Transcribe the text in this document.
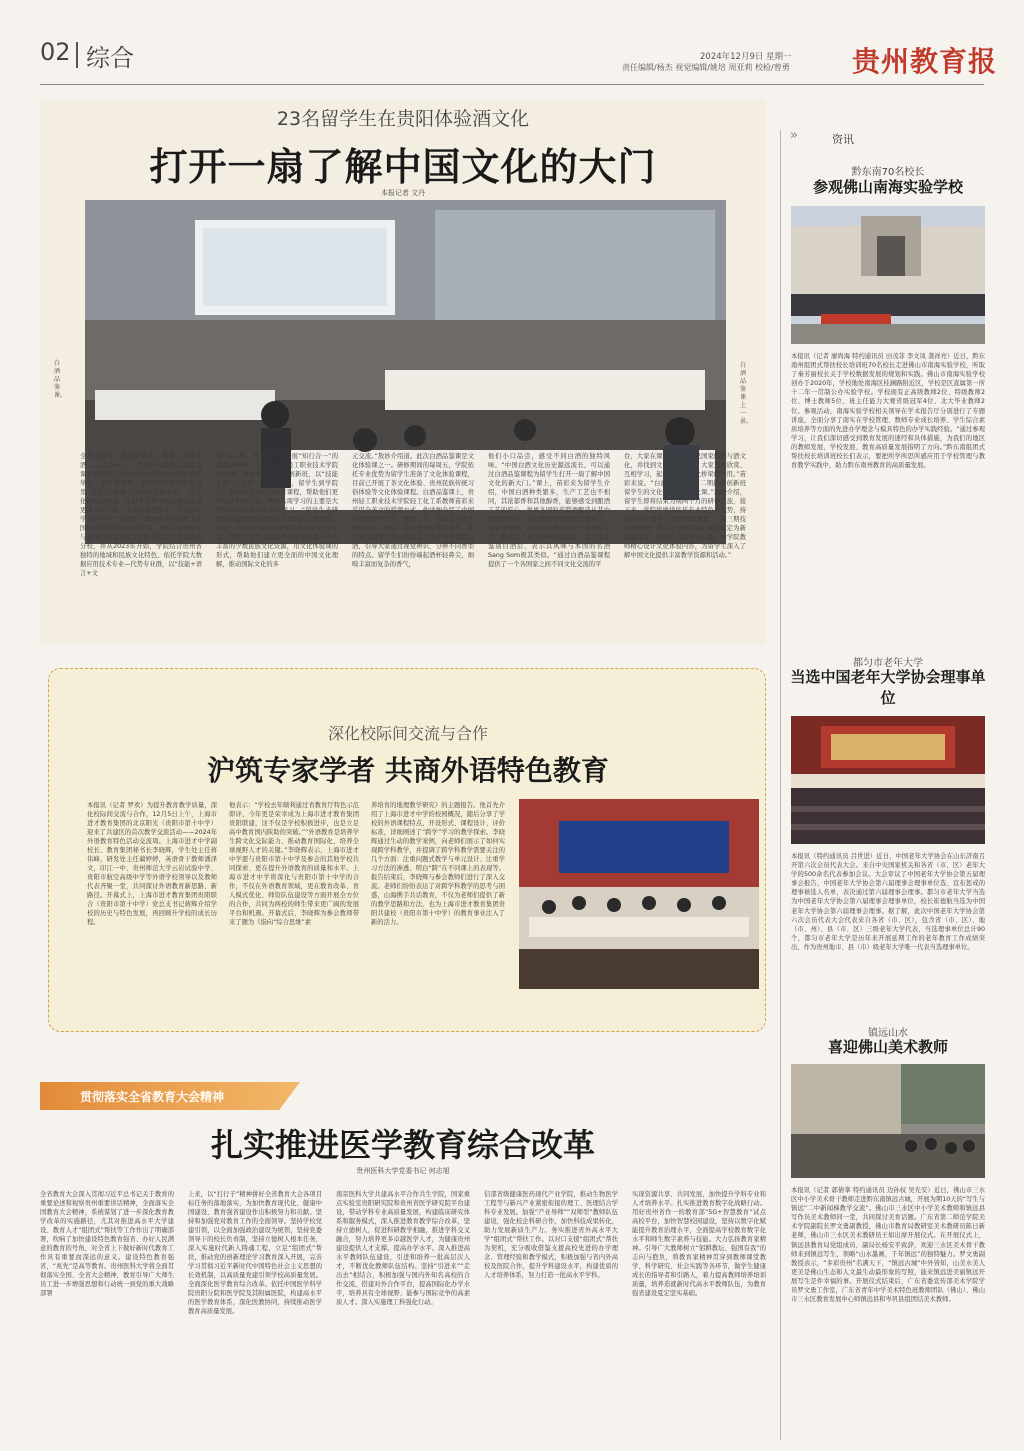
02 综合	2024年12月9日 星期一
责任编辑/杨杰 视觉编辑/姚培 周亚莉 校检/曾勇 贵州教育报
23名留学生在贵阳体验酒文化
打开一扇了解中国文化的大门
本报记者 文丹
白酒品鉴课。
白酒品鉴课上一景。
全英文授课、浓郁的酒香、课堂上品鉴美酒……12月6日，一堂别开生面的白酒品鉴课在贵州轻工职业技术学院行政楼107教室举行，来自柬埔寨、泰国23名留学生在这里“沉浸式”体验了中国的白酒文化。“以文化体验的形式，让留学生对中国白酒文化有更深入的了解，也为大家提供了一个交流和学习的平台。”贵州轻工职业技术学院杯卡托国际学院副院长敖妙介绍，学院于2022年与泰国兰纳皇家理工学院共建经世学堂海外分校，并从2023年开始，学院结合贵州省独特的地域和民族文化特色，依托学院大数据应用技术专业—代势专业群，以“技能+语言+文
化”为主线，面向留学生开展“知行合一”的湖南式研修。今年，贵州轻工职业技术学院开展第二期援外研修技能创新班，以“技能+语言+文化”为研修主线，留学生到学院后，前两周学习的是语言课程，帮助他们更快适应研修生活。剩余六周学习的主要是大数据应用技术专业知识学习。“留学生来研修的技能课程也是他们在本国的主修课程，同时，开设的文化体验课是我们依托茶文化、白酒文化等丰富的中国文化资源与贵州丰富的少数民族文化资源，用文化体验课的形式，帮助他们建立更全面的中国文化理解，推动国际文化的多
元交流。”敖妙介绍道。此次白酒品鉴课是文化体验课之一。研修期间的每周五，学院依托专业优势为留学生准备了文化体验课程，目前已开展了茶文化体验、贵州民族传统习俗体验等文化体验课程。白酒品鉴课上，贵州轻工职业技术学院轻工化工系教师苗彩来采用全英文的授课方式，他详细介绍了中国白酒的历史文化、酿造工艺、品鉴技巧等方面的知识。随后，在白酒香型鉴别环节，苗彩来为留学生精心挑选了八款不同香型的白酒，引导大家通过视觉辨识、分辨不同香型的特点。留学生们纷纷端起酒杯轻鼻尖，细嗅丰富而复杂的香气，
他们小口品尝，感受不同白酒的独特风味。“中国白酒文化历史源远流长，可以通过白酒品鉴课程为留学生打开一扇了解中国文化的新大门。”课上，苗彩来为留学生介绍，中国白酒种类繁多，生产工艺也不相同，其浓郁香和其他醇香，能够感受到酿酒工艺的匠心，世界各国的蒸馏酒酿造从其中找到共鸣点。在白酒香型鉴别的实操环节，苗彩来导师，通过观察酒的色泽与该香型白酒，都是以大米为原料的蒸馏酒，留学生在鉴别白酒后，表示其风味与本国的名酒Sang Som极其类似。“通过白酒品鉴课程提供了一个各国家之间不同文化交流的平
台，大家在课程中分享自己国家的酒与酒文化，并找到文化的共通点，大家互相欣赏、互相学习，起到了搭建文化桥梁的作用。”苗彩来说。“白酒品鉴课是第二期技能创新班留学生的文化体验课收官之课。”敖妙介绍，留学生即将结束为期两个月的研修之旅，接下来，学院将继续依托专业特色与优势，持续面向东盟学生开展研修课程。“第三期技能创新班，我们计划将‘技能’课程暂定为新能源课程，同时结合留学生兴趣，为学院教师精心设计文化体验内容，为留学生深入了解中国文化提供丰富教学资源和活动。”
深化校际间交流与合作
沪筑专家学者 共商外语特色教育
本报讯（记者 罗欢）为提升教育教学质量，深化校际间交流与合作，12月5日上午，上海市进才教育集团的北京阳光（贵阳市第十中学）迎来了共建区的首次教学交流活动——2024年外语教育特色活动交流周。上海市进才中学副校长、教育集团秘书长李晓辉，学生处主任蒋伟峰，研发处主任蔺婷婷，英语骨干教师潘泽文，印江一中、贵州师范大学云岩试验中学、贵阳市航空高级中学等外语学校领导以及教师代表齐聚一堂，共同探讨外语教育新思路、新路径。开幕式上，上海市进才教育集团贵阳联合（贵阳市第十中学）党总支书记蒋辉介绍学校的历史与特色发展，再回顾升学校的成长历程。
他表示：“学校去年顺利通过省教育厅特色示范即评，今年更是荣幸成为上海市进才教育集团贵阳联建，这不仅是学校积极进步，也是立足高中教育国内陕助的突破。”“外语教育是培养学生跨文化交际能力、推动教育国际化、培养全球视野人才的关键。”李晓辉表示，上海市进才中学愿与贵阳市第十中学及参会的其他学校共同探索、更在提升外语教育的质量和水平。上海市进才中学将深化与贵阳市第十中学的合作，不仅在外语教育领域，更在教育改革、育人模式优化、师资队伍建设等方面开展全方位的合作，共同为两校的师生带来更广阔的发展平台和机遇。开幕式后，李晓辉为参会教师带来了题为《指向“综合思维”素
养培育的地理教学研究》的主题报告。他首先介绍了上海市进才中学的校园概况，随后分享了学校的外语课程特点、开设形式、课程设计、评价标准，详细阐述了“跨学”学习的教学探索。李晓辉通过生动的教学案例，向老师们展示了如何实现跨学科教学，并提调了跨学科教学需要关注的几个方面：注重问题式教学与单元设计、注重学习方法的渗透、明白“跨”在不同课上的表现等。报告结束后，李晓辉与参会教师们进行了深入交流。老师们纷纷表达了对跨学科教学的思考与困惑，山海携手共话教育，不仅为老师们提供了新的教学思路和方法，也为上海市进才教育集团贵阳共建校（贵阳市第十中学）的教育事业注入了新的活力。
贯彻落实全省教育大会精神
扎实推进医学教育综合改革
贵州医科大学党委书记 何志旭
全省教育大会深入贯彻习近平总书记关于教育的重要论述和视察贵州重要讲话精神，全面落实全国教育大会精神，系统谋划了进一步深化教育教学改革的实施路径，尤其对推进高水平大学建设、教育人才“组团式”帮扶等工作作出了明确部署，吹响了加快建设特色教育强省、办好人民满意的教育的号角，对全省上下做好新时代教育工作具有重要而深远的意义。建设特色教育强省，“兆先”是高等教育。贵州医科大学将全面贯彻落实全国、全省大会精神，教育引导广大师生员工进一步增强思想和行动统一到党的重大战略部署
上来，以“打行子”精神拼好全省教育大会各项目标任务的落地落实，为加快教育现代化、健康中国建设、教育强省建设作出积极努力和贡献。坚持和加强党对教育工作的全面领导。坚持学校党建引领，以全面加强政治建设为统领，坚持党委领导下的校长负责制，坚持立德树人根本任务，深入实施时代新人铸魂工程，立足“组团式”帮扶，推动党的创新理论学习教育深入开展，完善学习贯彻习近平新时代中国特色社会主义思想的长效机制，以高质量党建引领学校高质量发展。全面深化医学教育综合改革。依托中国医学科学院贵阳分院和医学院及其附属医院，构建高水平的医学教育体系，深化医教协同，持续推动医学教育高质量发展。
南京医科大学共建高水平合作共生学院，国家重点实验室贵阳研究院和贵州省医学研究院平台建设，带动学科专业高质量发展，构建临床研究体系和服务模式，深入推进教育教学综合改革，坚持立德树人，促进科研教学相融，推进学科交叉融合，努力培养更多卓越医学人才，为健康贵州建设提供人才支撑。提高办学水平。深入推进高水平教师队伍建设，引进和培养一批高层次人才，不断优化教师队伍结构。坚持“引进来”“走出去”相结合，积极加强与国内外知名高校的合作交流，搭建对外合作平台，提高国际化办学水平，培养具有全球视野、能参与国际竞争的高素质人才。深入实施理工科强化行动。
信部省级健康医药现代产业学院，推动生物医学工程等与新兴产业紧密衔接的理工、医理结合学科专业发展。加强“产业导师”“双师型”教师队伍建设，强化校企科研合作，加快科技成果转化，助力发展新质生产力。务实推进省外高水平大学“组团式”帮扶工作。以对口支援“组团式”帮扶为契机，充分吸收借鉴支援高校先进的办学理念、管理经验和教学模式，积极加强与省内外高校及医院合作，提升学科建设水平，构建优质的人才培养体系，努力打造一批高水平学科。
实现资源共享、共同发展，加快提升学科专业和人才培养水平。扎实推进教育数字化战略行动。用好贵州省作一的教育部“5G+智慧教育”试点高校平台，加快智慧校园建设，坚持以数字化赋能提升教育治理水平，全面提高学校教育数字化水平和师生数字素养与技能。大力弘扬教育家精神。引导广大教师树立“躬耕教坛、强国有我”的志向与抱负，将教育家精神贯穿到教师课堂教学、科学研究、社会实践等各环节，做学生健康成长的指导者和引路人，着力提高教师培养培训质量，培养造就新时代高水平教师队伍，为教育强省建设夏定坚实基础。
»	资讯
黔东南70名校长
参观佛山南海实验学校
本报讯（记者 廖尚海 特约通讯员 田茂菲 李文凤 龚祥亮）近日，黔东南州组团式帮扶校长培训班70名校长走进佛山市南海实验学校，听取了秦芳丽校长关于学校数据发展的规划和实践。佛山市南海实验学校创办于2020年，学校地处南海区桂澜路附近区，学校是区直属第一所十二年一贯制公办实验学校。学校现有正高级教师2位、特级教师2位、博士教师5位、班主任能力大赛省级冠军4位、北大毕业教师2位。参观活动，南海实验学校相关领导在学术报告厅分别进行了专题讲座，全面分享了南实在学校管理、数师专业成长培养、学生综合素质培养等方面的先进办学理念与模具特色的办学实践经验。“通过参观学习，让我们深切感受到教育发展的速经和具体措施，为我们的地区的教师发展、学校发展、教育高质量发展指明了方向。”黔东南组团式帮扶校长培训班校长们表示，要把所学所思所感应用于学校管理与教育教学实践中，助力黔东南州教育的高质量发展。
都匀市老年大学
当选中国老年大学协会理事单位
本报讯（特约通讯员 吕世进）近日，中国老年大学协会在山东济南召开第六次会员代表大会。来自中央国家机关和各省（市、区）老年大学的500余名代表参加会议。大会审议了中国老年大学协会第五届理事会报告、中国老年大学协会第六届理事会理事单位选、宣布惩戒的理事候选人名单，表决通过第六届理事会理事。都匀市老年大学当选为中国老年大学协会第六届理事会理事单位，校长崔德航当选为中国老年大学协会第六届理事会理事。据了解，此次中国老年大学协会第六次会员代表大会代表来自各省（市、区），包含省（市、区）、地（市、州）、县（市、区）三级老年大学代表，当选理事单位总计90个，都匀市老年大学是历年来开展延期工作的老年教育工作成绩突出，作为贵州地市、县（市）级老年大学唯一代表当选理事单位。
镇远山水
喜迎佛山美术教师
本报讯（记者 郭倩掌 特约通讯员 边孙权 吴光安）近日，佛山市三水区中小学美术骨干教师走进黔东南镇远古城，开展为期10天的“写生与镇远”二中新闻梯教学交流”。佛山市三水区中小学美术教师和镇远县写作员美术教师同一堂，共同探讨美育话题。广东省第二师范学院美术学院副院长罗文勇副教授，佛山市教育局教研室美术教研员陈日新老师，佛山市三水区美术教研员王如出席开展仪式。在开展仪式上，镇远县教育局党组成员，副局长杨安平致辞，欢迎三水区美术骨干教师来到镇远写生，领略“山水墨画，千年镇远”的独特魅力。罗文勇副教授表示，“多彩贵州”名满天下，“镇远古城”中外皆知，山美水美人更美是佛山生态和人文最生动最形象的写照，能来镇远进美丽镇远开展写生是件幸福的事。开展仪式结束后，广东省委宣传部美术学院学员罗文勇工作室，广东省青年中学美术特色班教师团队（佛山）、佛山市三水区教育发展中心师镇远县和岑巩县组团结美术教师。
